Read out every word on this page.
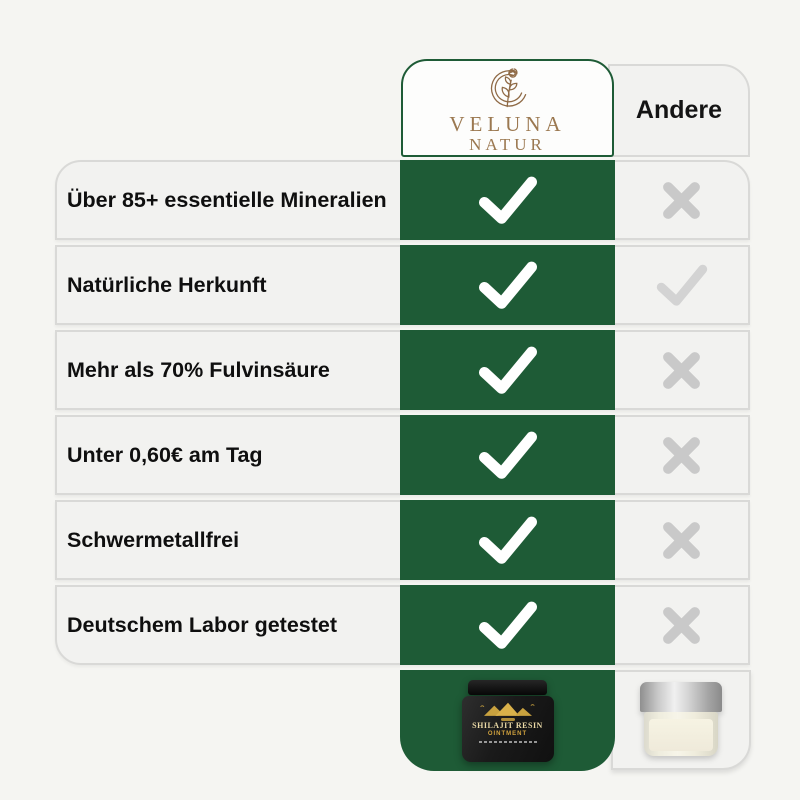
Andere
VELUNA
NATUR
Über 85+ essentielle Mineralien
Natürliche Herkunft
Mehr als 70% Fulvinsäure
Unter 0,60€ am Tag
Schwermetallfrei
Deutschem Labor getestet
SHILAJIT RESIN
OINTMENT
